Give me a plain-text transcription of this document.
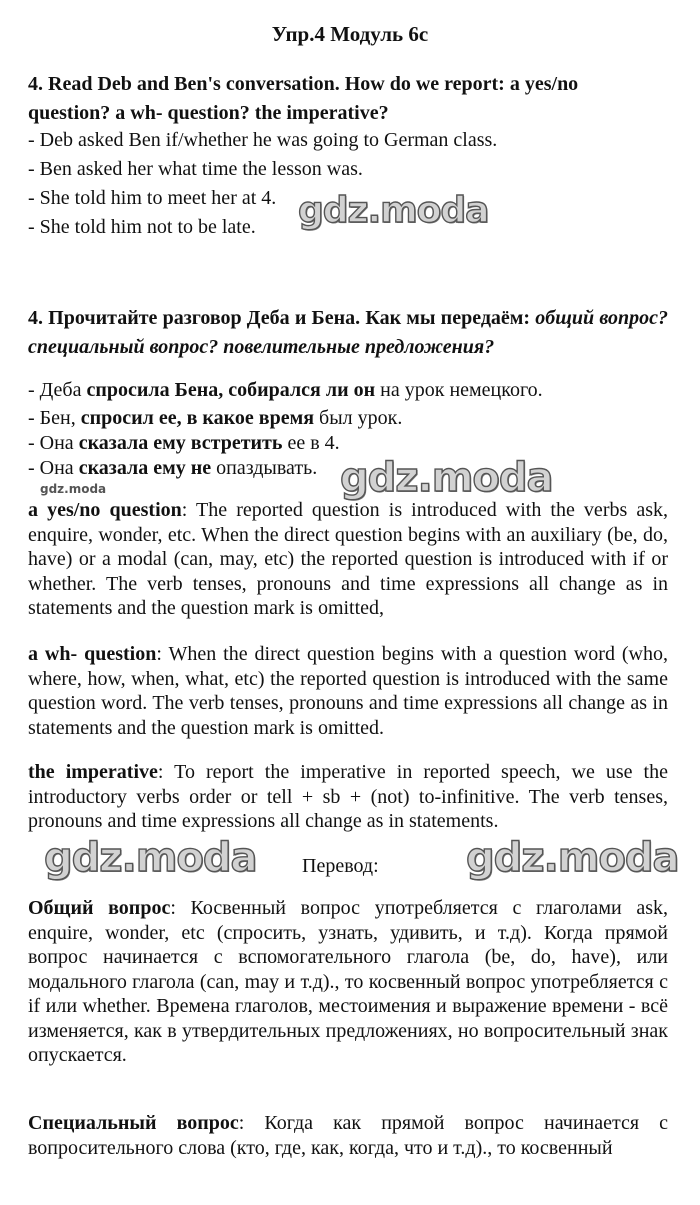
Упр.4 Модуль 6с
4. Read Deb and Ben's conversation. How do we report: a yes/no question? a wh- question? the imperative?
- Deb asked Ben if/whether he was going to German class.
- Ben asked her what time the lesson was.
- She told him to meet her at 4.
- She told him not to be late. gdz.moda
4. Прочитайте разговор Деба и Бена. Как мы передаём: общий вопрос? специальный вопрос? повелительные предложения?
- Деба спросила Бена, собирался ли он на урок немецкого.
- Бен, спросил ее, в какое время был урок.
- Она сказала ему встретить ее в 4.
- Она сказала ему не опаздывать. gdz.moda
gdz.moda
a yes/no question: The reported question is introduced with the verbs ask, enquire, wonder, etc. When the direct question begins with an auxiliary (be, do, have) or a modal (can, may, etc) the reported question is introduced with if or whether. The verb tenses, pronouns and time expressions all change as in statements and the question mark is omitted,
a wh- question: When the direct question begins with a question word (who, where, how, when, what, etc) the reported question is introduced with the same question word. The verb tenses, pronouns and time expressions all change as in statements and the question mark is omitted.
the imperative: To report the imperative in reported speech, we use the introductory verbs order or tell + sb + (not) to-infinitive. The verb tenses, pronouns and time expressions all change as in statements.
gdz.moda Перевод: gdz.moda
Общий вопрос: Косвенный вопрос употребляется с глаголами ask, enquire, wonder, etc (спросить, узнать, удивить, и т.д). Когда прямой вопрос начинается с вспомогательного глагола (be, do, have), или модального глагола (can, may и т.д)., то косвенный вопрос употребляется с if или whether. Времена глаголов, местоимения и выражение времени - всё изменяется, как в утвердительных предложениях, но вопросительный знак опускается.
Специальный вопрос: Когда как прямой вопрос начинается с вопросительного слова (кто, где, как, когда, что и т.д)., то косвенный
